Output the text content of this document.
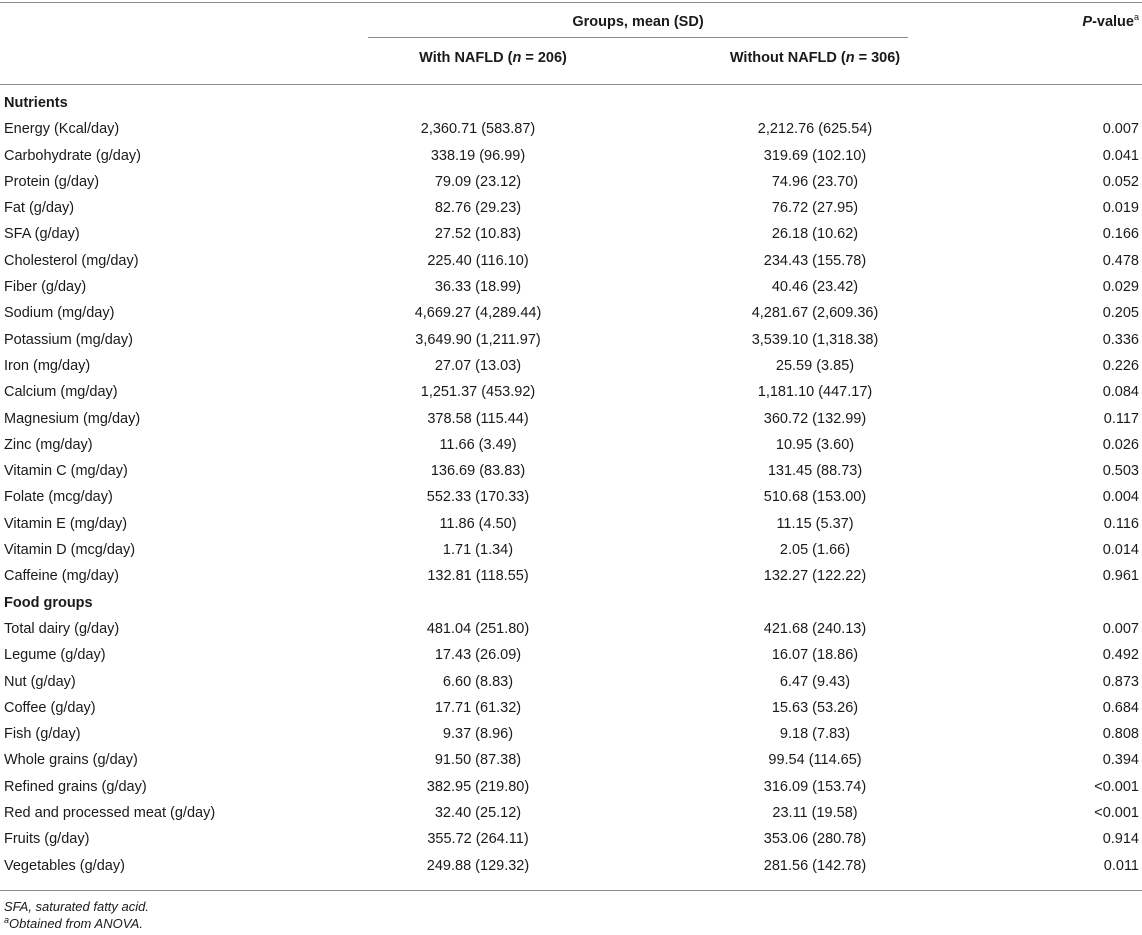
Groups, mean (SD)	P-value$^a$
With NAFLD (n = 206)	Without NAFLD (n = 306)
Nutrients
Energy (Kcal/day)	2,360.71 (583.87)	2,212.76 (625.54)	0.007
Carbohydrate (g/day)	338.19 (96.99)	319.69 (102.10)	0.041
Protein (g/day)	79.09 (23.12)	74.96 (23.70)	0.052
Fat (g/day)	82.76 (29.23)	76.72 (27.95)	0.019
SFA (g/day)	27.52 (10.83)	26.18 (10.62)	0.166
Cholesterol (mg/day)	225.40 (116.10)	234.43 (155.78)	0.478
Fiber (g/day)	36.33 (18.99)	40.46 (23.42)	0.029
Sodium (mg/day)	4,669.27 (4,289.44)	4,281.67 (2,609.36)	0.205
Potassium (mg/day)	3,649.90 (1,211.97)	3,539.10 (1,318.38)	0.336
Iron (mg/day)	27.07 (13.03)	25.59 (3.85)	0.226
Calcium (mg/day)	1,251.37 (453.92)	1,181.10 (447.17)	0.084
Magnesium (mg/day)	378.58 (115.44)	360.72 (132.99)	0.117
Zinc (mg/day)	11.66 (3.49)	10.95 (3.60)	0.026
Vitamin C (mg/day)	136.69 (83.83)	131.45 (88.73)	0.503
Folate (mcg/day)	552.33 (170.33)	510.68 (153.00)	0.004
Vitamin E (mg/day)	11.86 (4.50)	11.15 (5.37)	0.116
Vitamin D (mcg/day)	1.71 (1.34)	2.05 (1.66)	0.014
Caffeine (mg/day)	132.81 (118.55)	132.27 (122.22)	0.961
Food groups
Total dairy (g/day)	481.04 (251.80)	421.68 (240.13)	0.007
Legume (g/day)	17.43 (26.09)	16.07 (18.86)	0.492
Nut (g/day)	6.60 (8.83)	6.47 (9.43)	0.873
Coffee (g/day)	17.71 (61.32)	15.63 (53.26)	0.684
Fish (g/day)	9.37 (8.96)	9.18 (7.83)	0.808
Whole grains (g/day)	91.50 (87.38)	99.54 (114.65)	0.394
Refined grains (g/day)	382.95 (219.80)	316.09 (153.74)	<0.001
Red and processed meat (g/day)	32.40 (25.12)	23.11 (19.58)	<0.001
Fruits (g/day)	355.72 (264.11)	353.06 (280.78)	0.914
Vegetables (g/day)	249.88 (129.32)	281.56 (142.78)	0.011
SFA, saturated fatty acid.
$^a$Obtained from ANOVA.
